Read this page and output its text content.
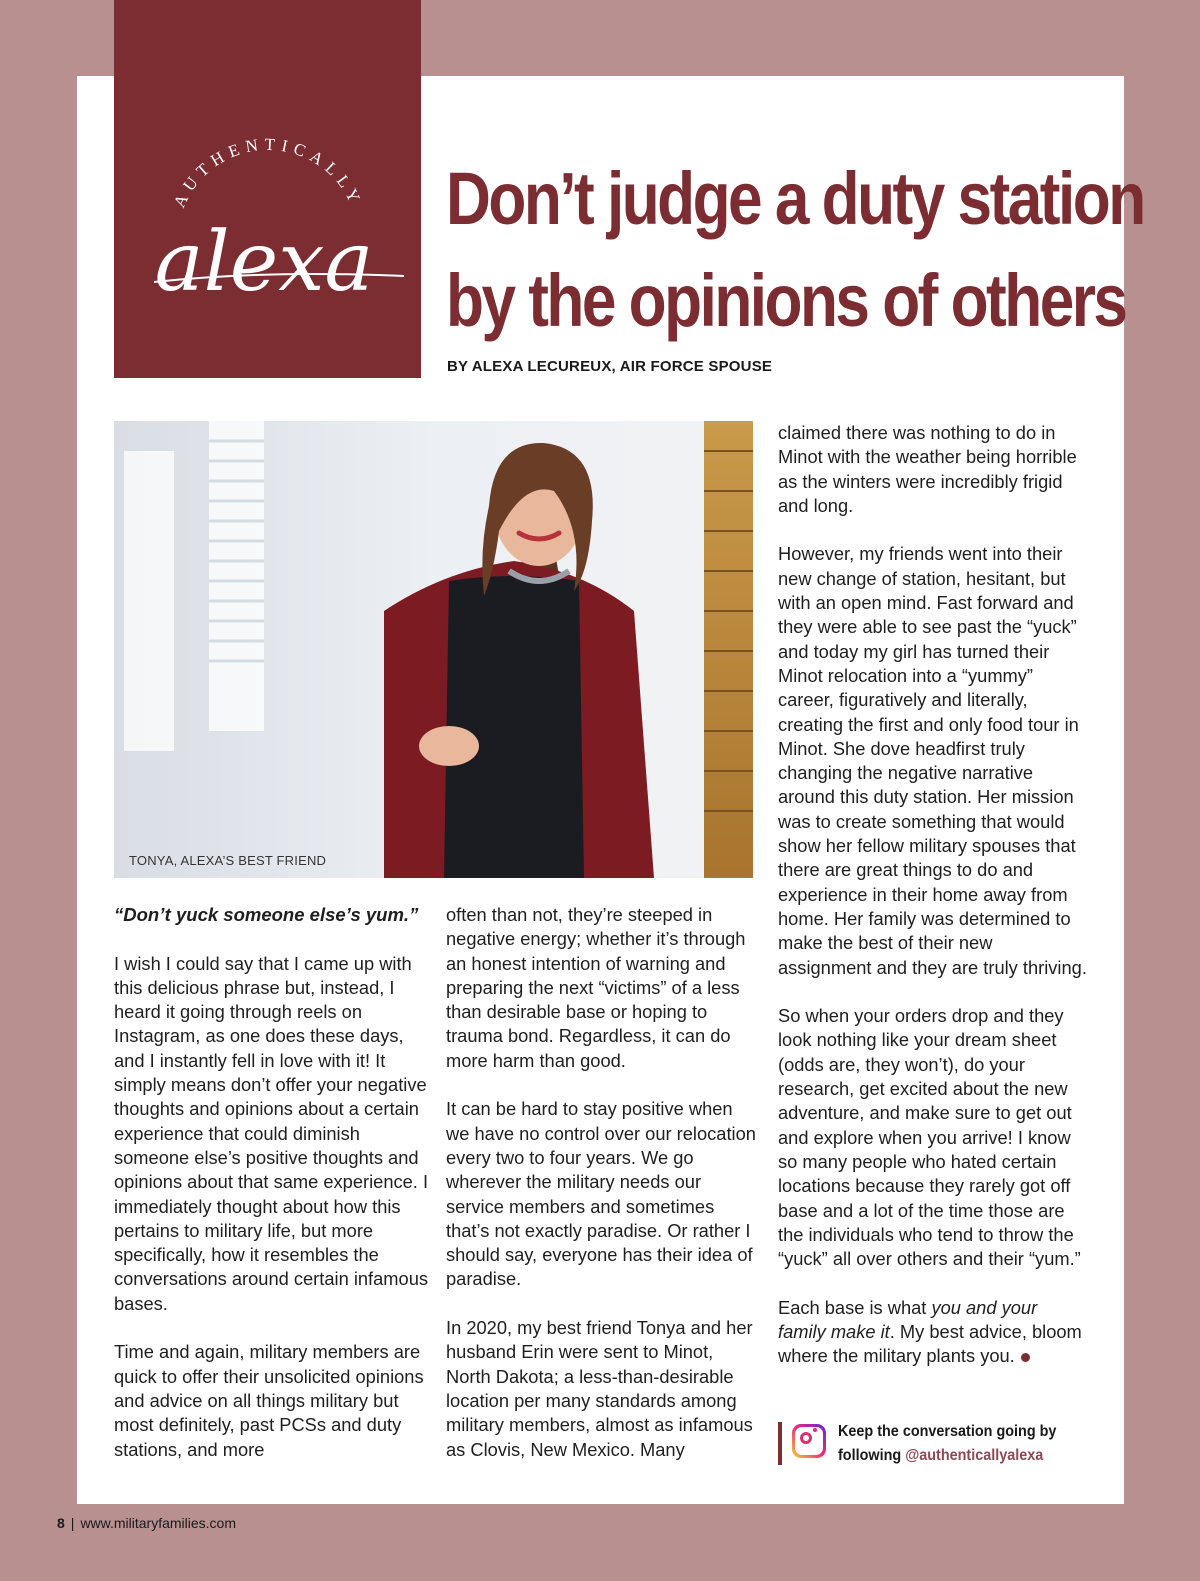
AUTHENTICALLY
alexa
Don’t judge a duty station
by the opinions of others
BY ALEXA LECUREUX, AIR FORCE SPOUSE
TONYA, ALEXA’S BEST FRIEND

“Don’t yuck someone else’s yum.”

I wish I could say that I came up with this delicious phrase but, instead, I heard it going through reels on Instagram, as one does these days, and I instantly fell in love with it! It simply means don’t offer your negative thoughts and opinions about a certain experience that could diminish someone else’s positive thoughts and opinions about that same experience. I immediately thought about how this pertains to military life, but more specifically, how it resembles the conversations around certain infamous bases.

Time and again, military members are quick to offer their unsolicited opinions and advice on all things military but most definitely, past PCSs and duty stations, and more

often than not, they’re steeped in negative energy; whether it’s through an honest intention of warning and preparing the next “victims” of a less than desirable base or hoping to trauma bond. Regardless, it can do more harm than good.

It can be hard to stay positive when we have no control over our relocation every two to four years. We go wherever the military needs our service members and sometimes that’s not exactly paradise. Or rather I should say, everyone has their idea of paradise.

In 2020, my best friend Tonya and her husband Erin were sent to Minot, North Dakota; a less-than-desirable location per many standards among military members, almost as infamous as Clovis, New Mexico. Many

claimed there was nothing to do in Minot with the weather being horrible as the winters were incredibly frigid and long.

However, my friends went into their new change of station, hesitant, but with an open mind. Fast forward and they were able to see past the “yuck” and today my girl has turned their Minot relocation into a “yummy” career, figuratively and literally, creating the first and only food tour in Minot. She dove headfirst truly changing the negative narrative around this duty station. Her mission was to create something that would show her fellow military spouses that there are great things to do and experience in their home away from home. Her family was determined to make the best of their new assignment and they are truly thriving.

So when your orders drop and they look nothing like your dream sheet (odds are, they won’t), do your research, get excited about the new adventure, and make sure to get out and explore when you arrive! I know so many people who hated certain locations because they rarely got off base and a lot of the time those are the individuals who tend to throw the “yuck” all over others and their “yum.”

Each base is what you and your family make it. My best advice, bloom where the military plants you.

Keep the conversation going by
following @authenticallyalexa
8 | www.militaryfamilies.com
